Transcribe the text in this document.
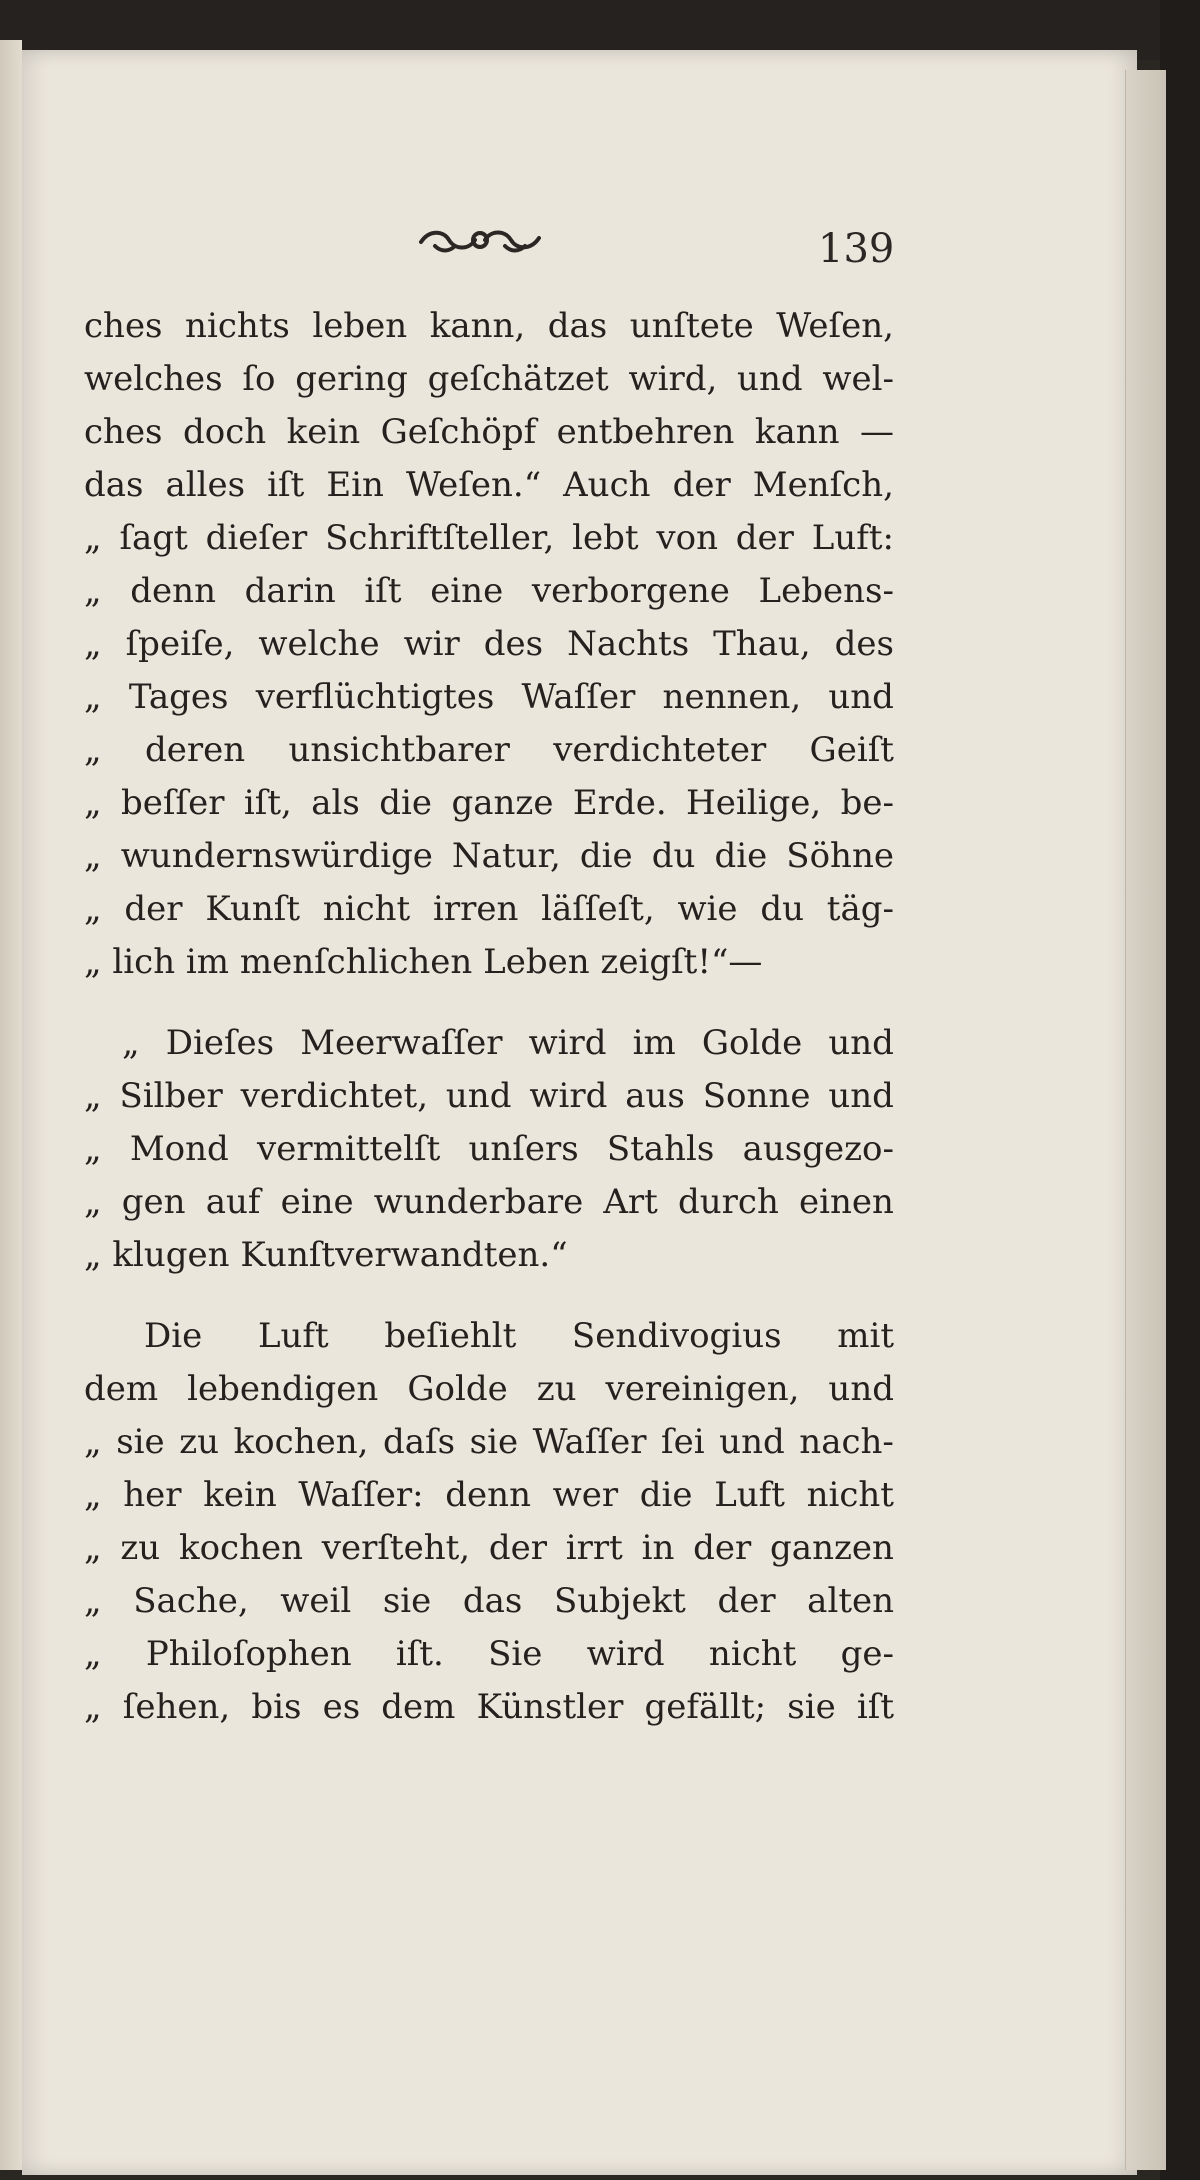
139
ches nichts leben kann, das unſtete Weſen,
welches ſo gering geſchätzet wird, und wel-
ches doch kein Geſchöpf entbehren kann —
das alles iſt Ein Weſen.“ Auch der Menſch,
„ ſagt dieſer Schriftſteller, lebt von der Luft:
„ denn darin iſt eine verborgene Lebens-
„ ſpeiſe, welche wir des Nachts Thau, des
„ Tages verflüchtigtes Waſſer nennen, und
„ deren unsichtbarer verdichteter Geiſt
„ beſſer iſt, als die ganze Erde. Heilige, be-
„ wundernswürdige Natur, die du die Söhne
„ der Kunſt nicht irren läſſeſt, wie du täg-
„ lich im menſchlichen Leben zeigſt!“—
„ Dieſes Meerwaſſer wird im Golde und
„ Silber verdichtet, und wird aus Sonne und
„ Mond vermittelſt unſers Stahls ausgezo-
„ gen auf eine wunderbare Art durch einen
„ klugen Kunſtverwandten.“
Die Luft beſiehlt Sendivogius mit
dem lebendigen Golde zu vereinigen, und
„ sie zu kochen, daſs sie Waſſer ſei und nach-
„ her kein Waſſer: denn wer die Luft nicht
„ zu kochen verſteht, der irrt in der ganzen
„ Sache, weil sie das Subjekt der alten
„ Philoſophen iſt. Sie wird nicht ge-
„ ſehen, bis es dem Künstler gefällt; sie iſt
